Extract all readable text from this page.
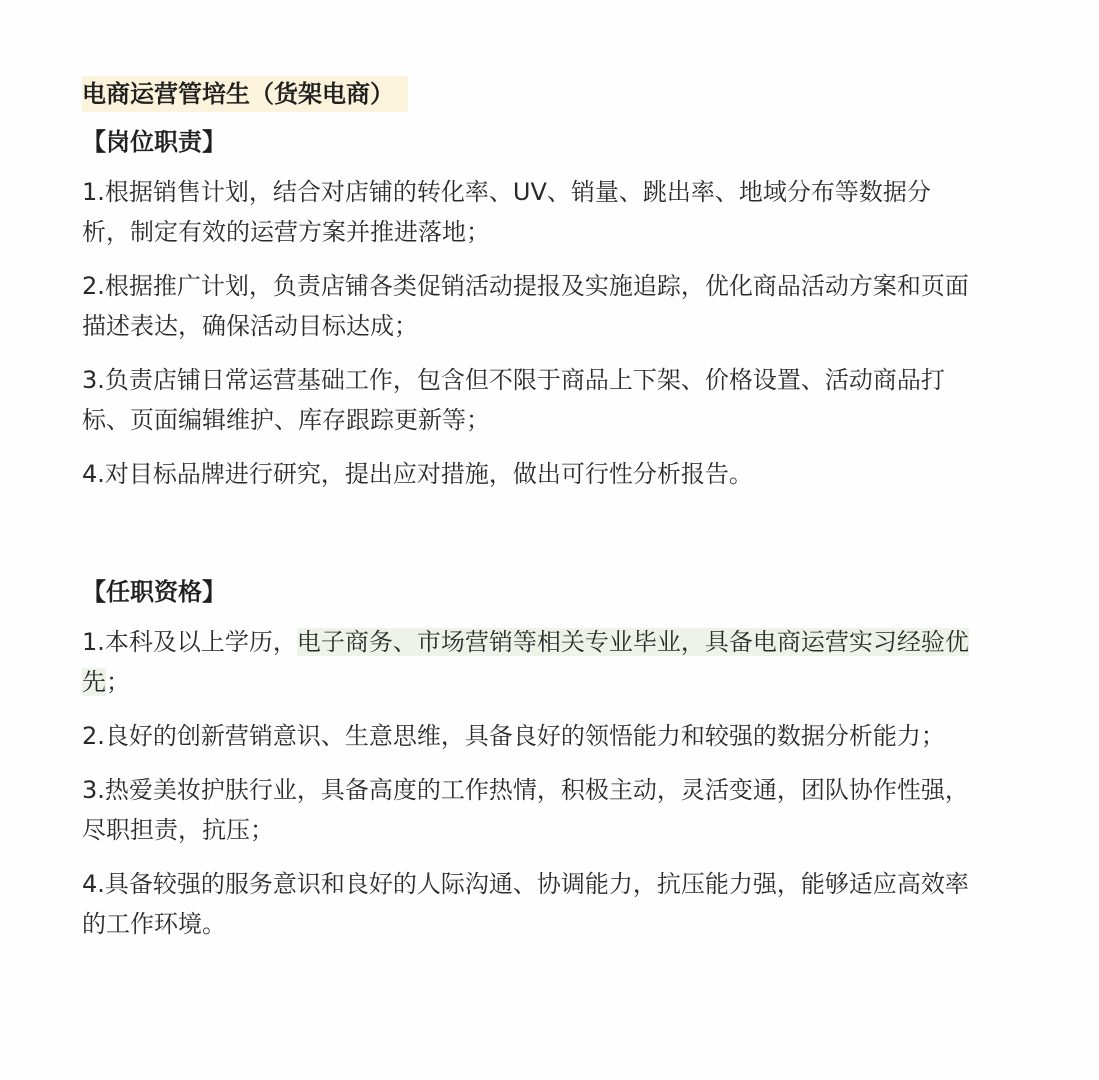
电商运营管培生（货架电商）
【岗位职责】
1.根据销售计划，结合对店铺的转化率、UV、销量、跳出率、地域分布等数据分析，制定有效的运营方案并推进落地；
2.根据推广计划，负责店铺各类促销活动提报及实施追踪，优化商品活动方案和页面描述表达，确保活动目标达成；
3.负责店铺日常运营基础工作，包含但不限于商品上下架、价格设置、活动商品打标、页面编辑维护、库存跟踪更新等；
4.对目标品牌进行研究，提出应对措施，做出可行性分析报告。
【任职资格】
1.本科及以上学历，电子商务、市场营销等相关专业毕业，具备电商运营实习经验优先；
2.良好的创新营销意识、生意思维，具备良好的领悟能力和较强的数据分析能力；
3.热爱美妆护肤行业，具备高度的工作热情，积极主动，灵活变通，团队协作性强，尽职担责，抗压；
4.具备较强的服务意识和良好的人际沟通、协调能力，抗压能力强，能够适应高效率的工作环境。
